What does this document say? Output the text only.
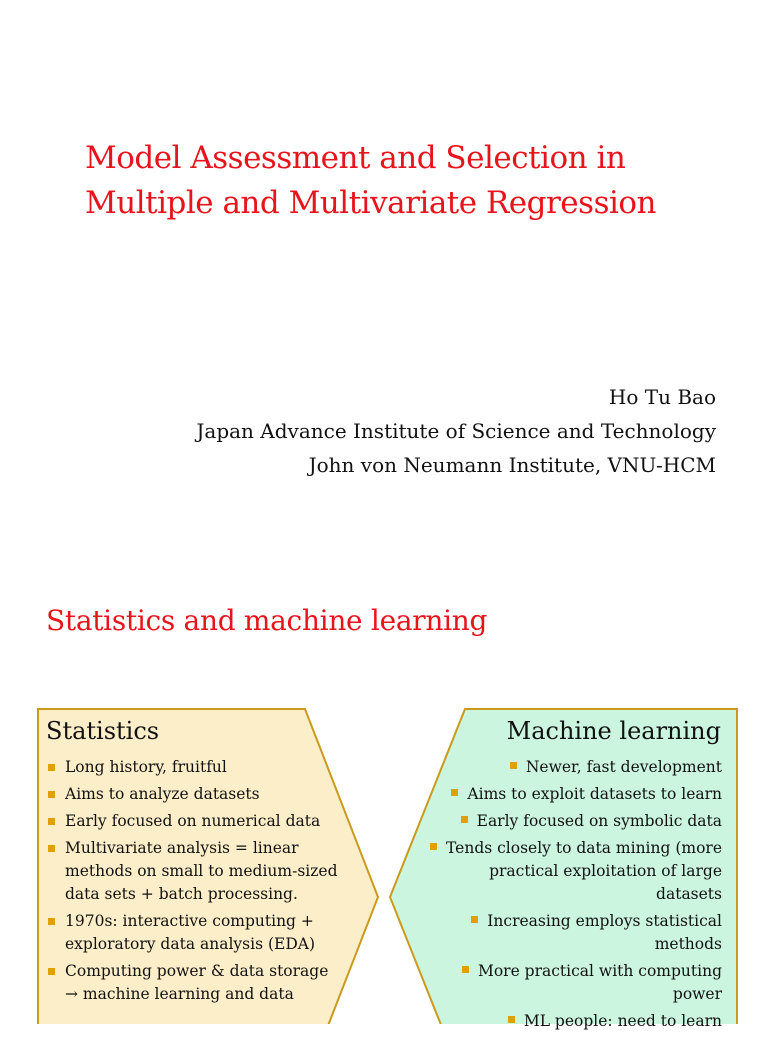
Model Assessment and Selection in
Multiple and Multivariate Regression
Ho Tu Bao
Japan Advance Institute of Science and Technology
John von Neumann Institute, VNU-HCM
Statistics and machine learning
Statistics
Long history, fruitful
Aims to analyze datasets
Early focused on numerical data
Multivariate analysis = linear methods on small to medium-sized data sets + batch processing.
1970s: interactive computing + exploratory data analysis (EDA)
Computing power & data storage → machine learning and data
Machine learning
Newer, fast development
Aims to exploit datasets to learn
Early focused on symbolic data
Tends closely to data mining (more practical exploitation of large datasets
Increasing employs statistical methods
More practical with computing power
ML people: need to learn
